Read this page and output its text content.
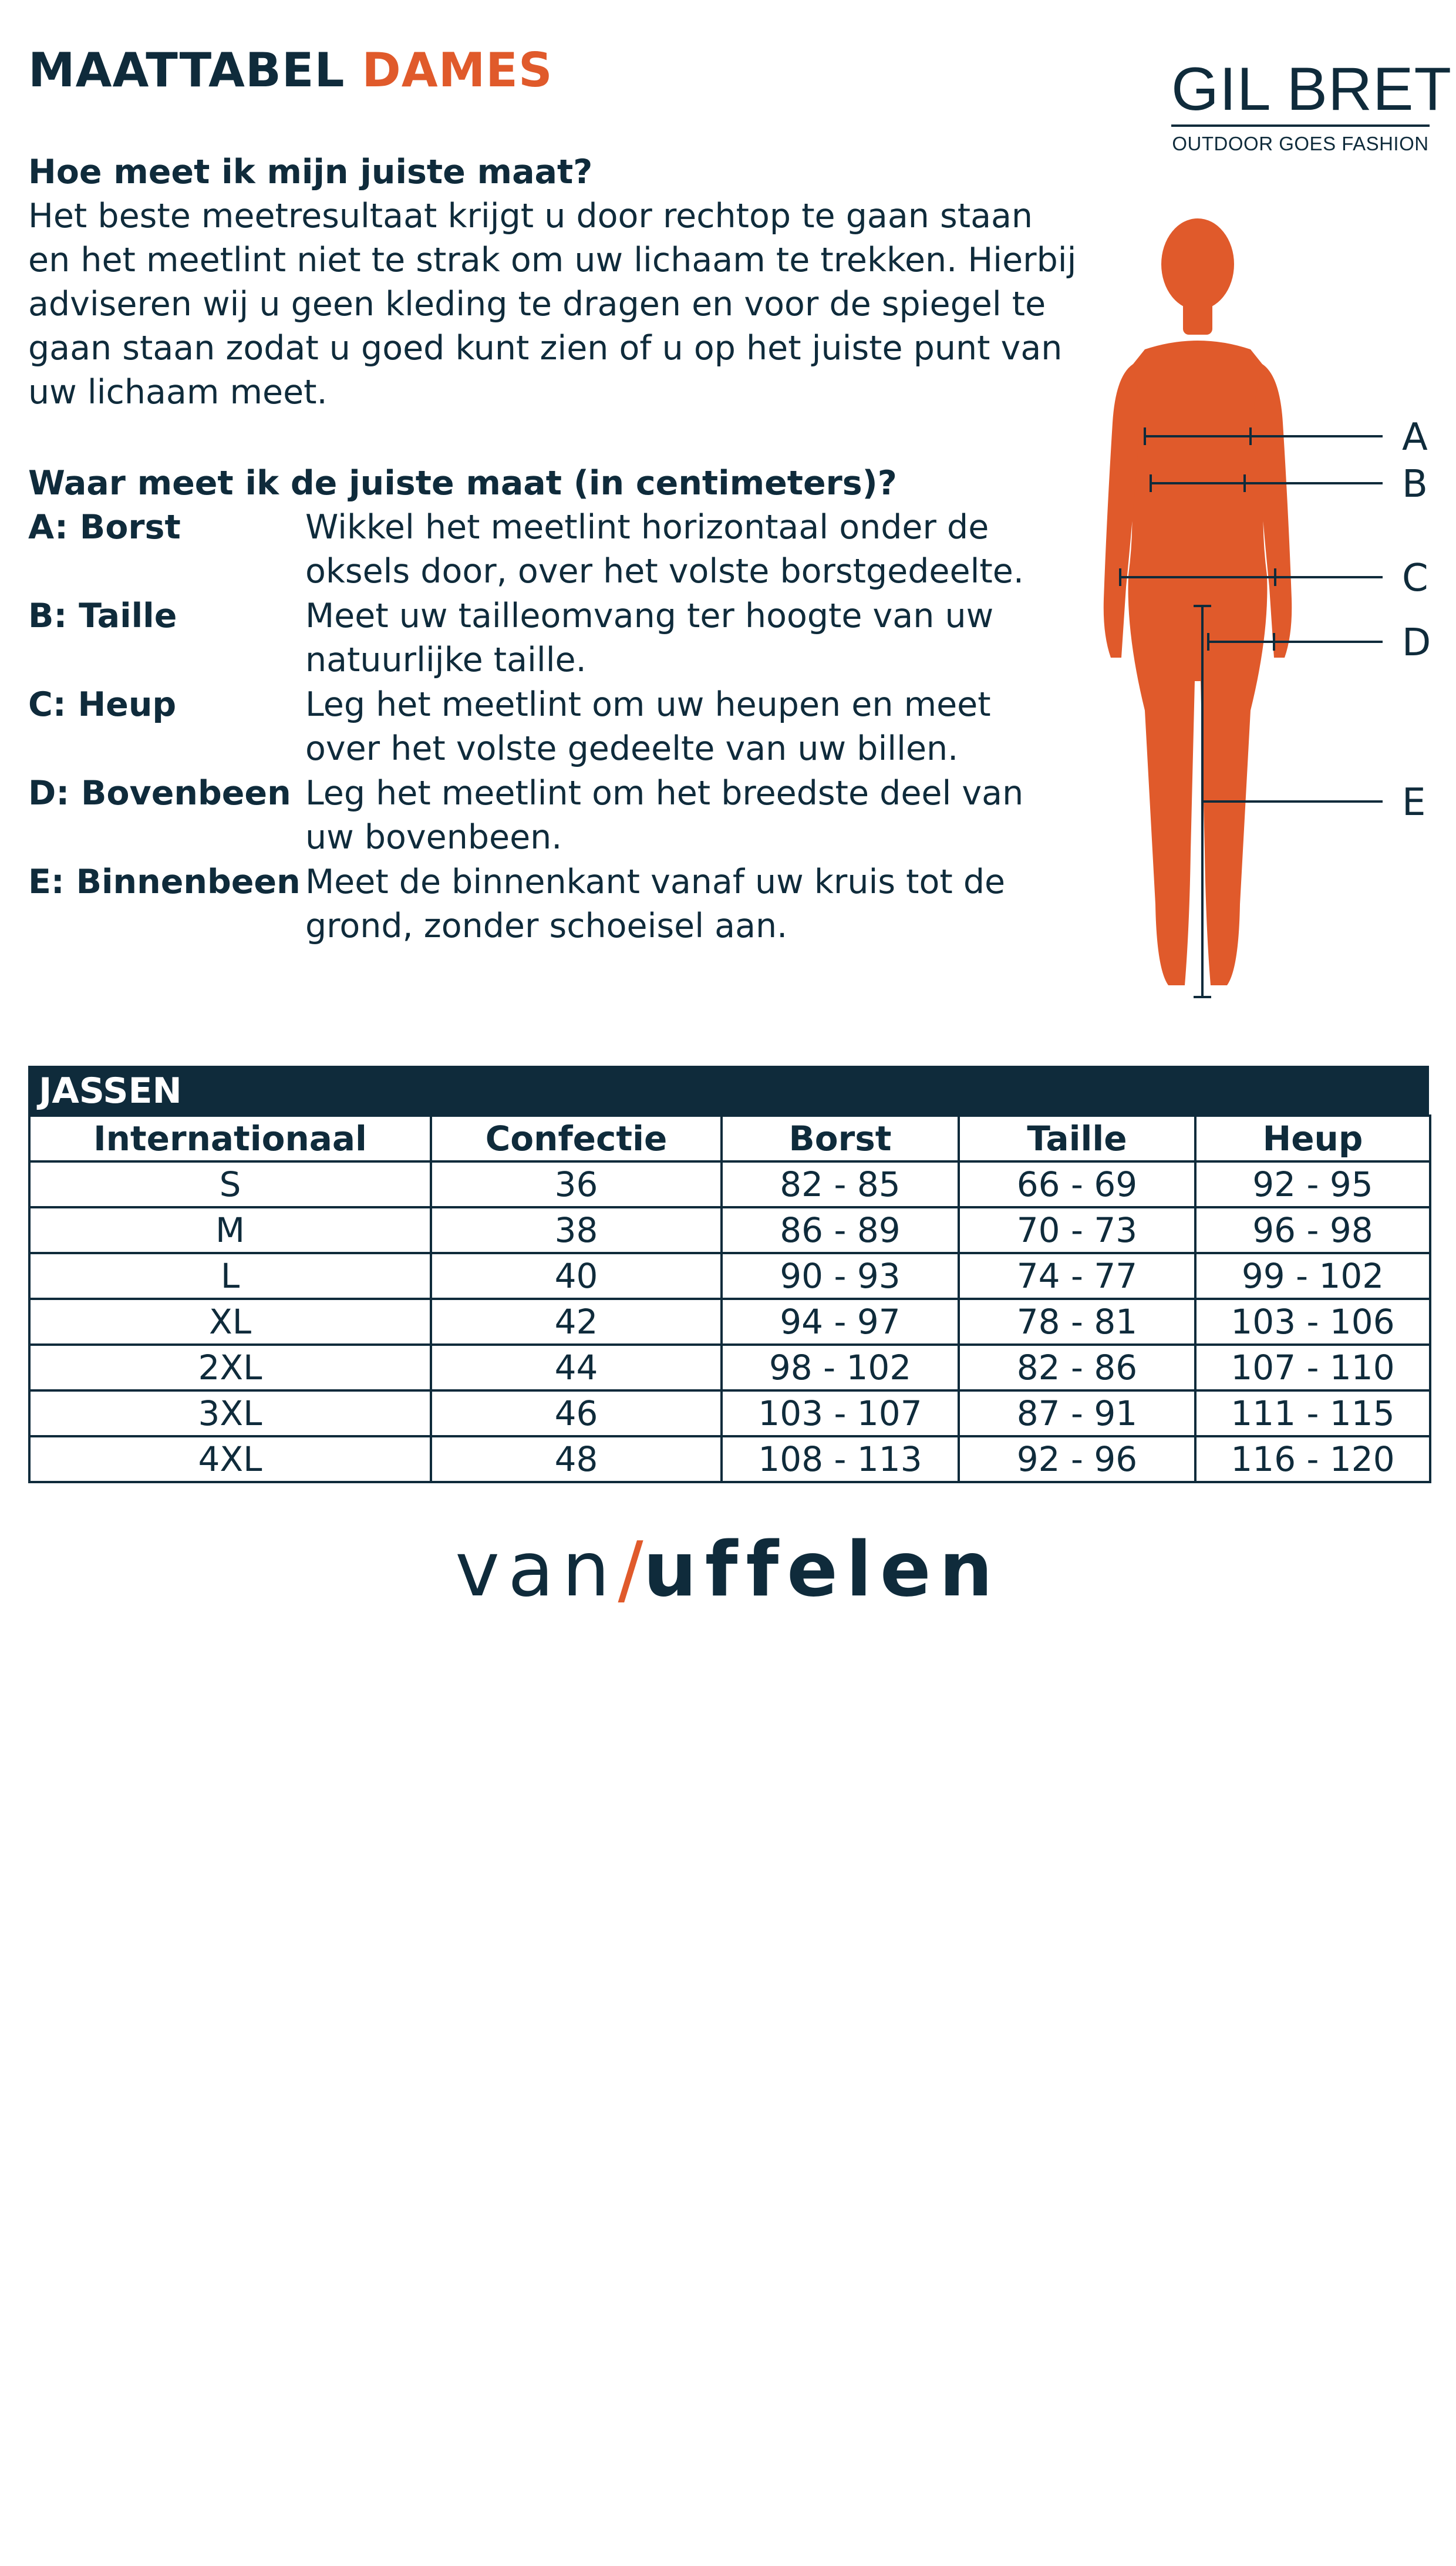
MAATTABEL DAMES	GIL BRET
OUTDOOR GOES FASHION
Hoe meet ik mijn juiste maat?
Het beste meetresultaat krijgt u door rechtop te gaan staan
en het meetlint niet te strak om uw lichaam te trekken. Hierbij
adviseren wij u geen kleding te dragen en voor de spiegel te
gaan staan zodat u goed kunt zien of u op het juiste punt van
uw lichaam meet.
Waar meet ik de juiste maat (in centimeters)?
A: Borst	Wikkel het meetlint horizontaal onder de
oksels door, over het volste borstgedeelte.
B: Taille	Meet uw tailleomvang ter hoogte van uw
natuurlijke taille.
C: Heup	Leg het meetlint om uw heupen en meet
over het volste gedeelte van uw billen.
D: Bovenbeen Leg het meetlint om het breedste deel van
uw bovenbeen.
E: Binnenbeen Meet de binnenkant vanaf uw kruis tot de
grond, zonder schoeisel aan.
A
B
C
D
E
JASSEN
Internationaal	Confectie	Borst	Taille	Heup
S	36	82 - 85	66 - 69	92 - 95
M	38	86 - 89	70 - 73	96 - 98
L	40	90 - 93	74 - 77	99 - 102
XL	42	94 - 97	78 - 81	103 - 106
2XL	44	98 - 102	82 - 86	107 - 110
3XL	46	103 - 107	87 - 91	111 - 115
4XL	48	108 - 113	92 - 96	116 - 120
van/uffelen
